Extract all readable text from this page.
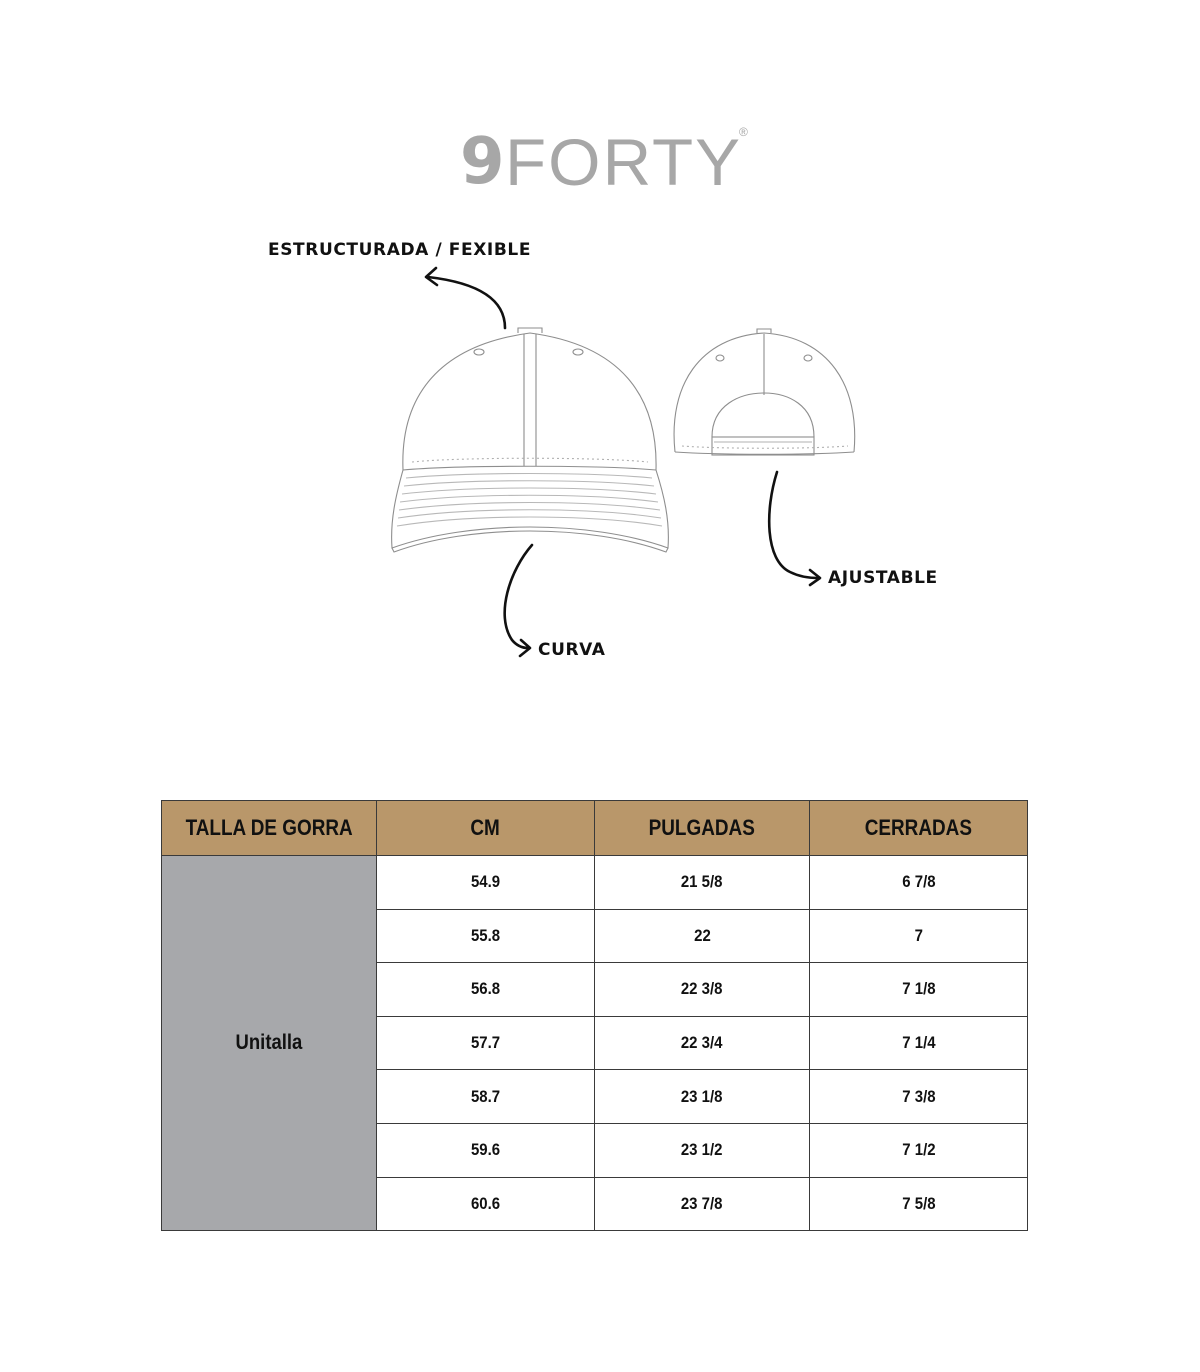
9 FORTY
®
ESTRUCTURADA / FEXIBLE
AJUSTABLE
CURVA
TALLA DE GORRA	CM	PULGADAS	CERRADAS
Unitalla	54.9	21 5/8	6 7/8
	55.8	22	7
	56.8	22 3/8	7 1/8
	57.7	22 3/4	7 1/4
	58.7	23 1/8	7 3/8
	59.6	23 1/2	7 1/2
	60.6	23 7/8	7 5/8
